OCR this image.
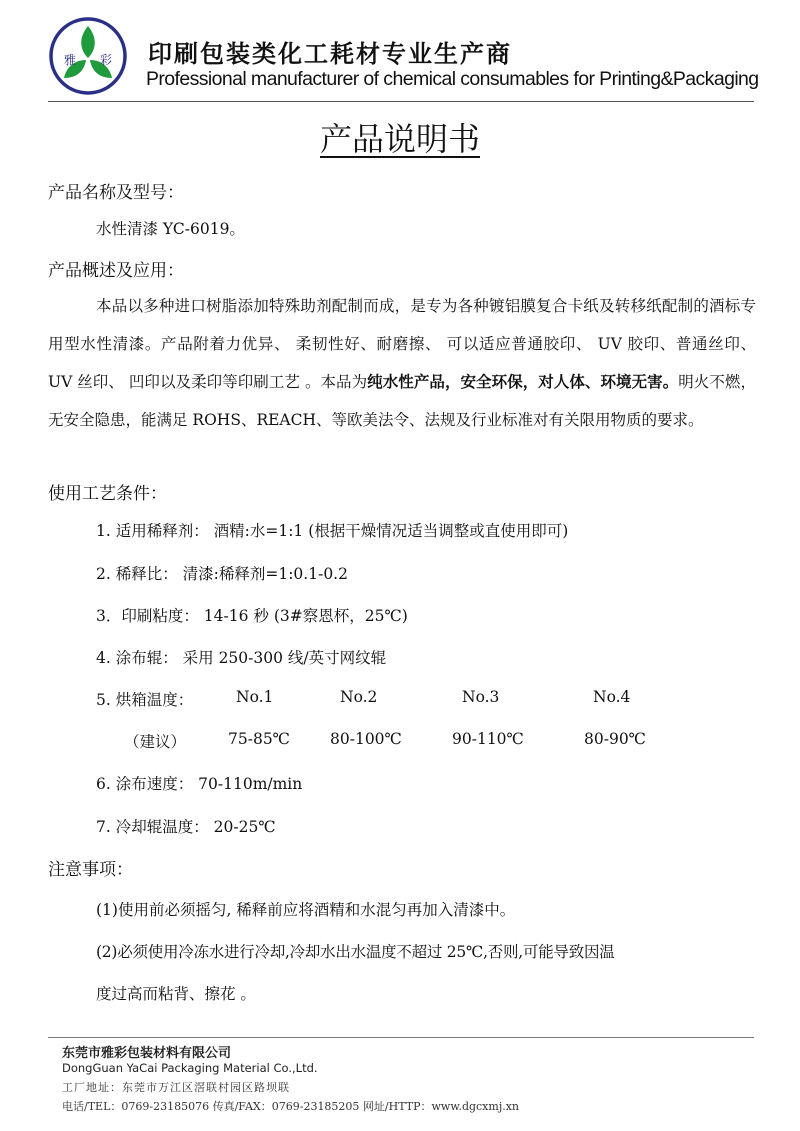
雅 彩 印刷包装类化工耗材专业生产商
Professional manufacturer of chemical consumables for Printing&Packaging
产品说明书
产品名称及型号：
水性清漆 YC-6019。
产品概述及应用：
本品以多种进口树脂添加特殊助剂配制而成，是专为各种镀铝膜复合卡纸及转移纸配制的酒标专用型水性清漆。产品附着力优异、 柔韧性好、耐磨擦、 可以适应普通胶印、 UV 胶印、普通丝印、 UV 丝印、 凹印以及柔印等印刷工艺 。本品为纯水性产品，安全环保，对人体、环境无害。明火不燃，无安全隐患，能满足 ROHS、REACH、等欧美法令、法规及行业标准对有关限用物质的要求。
使用工艺条件：
1. 适用稀释剂： 酒精:水=1:1 (根据干燥情况适当调整或直使用即可)
2. 稀释比： 清漆:稀释剂=1:0.1-0.2
3．印刷粘度： 14-16 秒 (3#察恩杯，25℃)
4. 涂布辊： 采用 250-300 线/英寸网纹辊
5. 烘箱温度：	No.1	No.2	No.3	No.4
（建议）	75-85℃	80-100℃	90-110℃	80-90℃
6. 涂布速度： 70-110m/min
7. 冷却辊温度： 20-25℃
注意事项：
(1)使用前必须摇匀, 稀释前应将酒精和水混匀再加入清漆中。
(2)必须使用冷冻水进行冷却,冷却水出水温度不超过 25℃,否则,可能导致因温
度过高而粘背、擦花 。
东莞市雅彩包装材料有限公司
DongGuan YaCai Packaging Material Co.,Ltd.
工厂地址：东莞市万江区滘联村园区路坝联
电话/TEL：0769-23185076 传真/FAX：0769-23185205 网址/HTTP：www.dgcxmj.xn
